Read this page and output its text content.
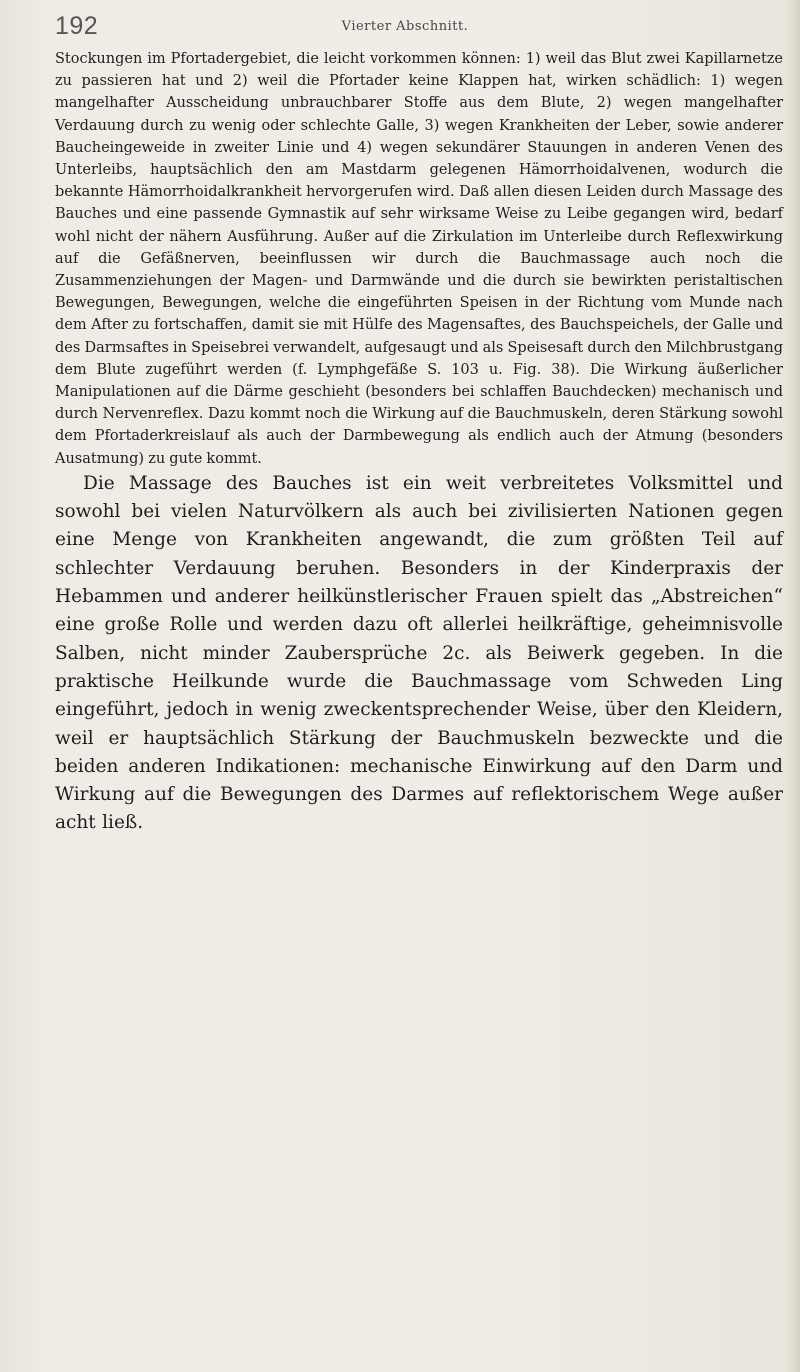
192	Vierter Abschnitt.

Stockungen im Pfortadergebiet, die leicht vorkommen können: 1) weil das Blut zwei Kapillarnetze zu passieren hat und 2) weil die Pfortader keine Klappen hat, wirken schädlich: 1) wegen mangelhafter Ausscheidung unbrauchbarer Stoffe aus dem Blute, 2) wegen mangelhafter Verdauung durch zu wenig oder schlechte Galle, 3) wegen Krankheiten der Leber, sowie anderer Baucheingeweide in zweiter Linie und 4) wegen sekundärer Stauungen in anderen Venen des Unterleibs, hauptsächlich den am Mastdarm gelegenen Hämorrhoidalvenen, wodurch die bekannte Hämorrhoidalkrankheit hervorgerufen wird. Daß allen diesen Leiden durch Massage des Bauches und eine passende Gymnastik auf sehr wirksame Weise zu Leibe gegangen wird, bedarf wohl nicht der nähern Ausführung. Außer auf die Zirkulation im Unterleibe durch Reflexwirkung auf die Gefäßnerven, beeinflussen wir durch die Bauchmassage auch noch die Zusammenziehungen der Magen- und Darmwände und die durch sie bewirkten peristaltischen Bewegungen, Bewegungen, welche die eingeführten Speisen in der Richtung vom Munde nach dem After zu fortschaffen, damit sie mit Hülfe des Magensaftes, des Bauchspeichels, der Galle und des Darmsaftes in Speisebrei verwandelt, aufgesaugt und als Speisesaft durch den Milchbrustgang dem Blute zugeführt werden (f. Lymphgefäße S. 103 u. Fig. 38). Die Wirkung äußerlicher Manipulationen auf die Därme geschieht (besonders bei schlaffen Bauchdecken) mechanisch und durch Nervenreflex. Dazu kommt noch die Wirkung auf die Bauchmuskeln, deren Stärkung sowohl dem Pfortaderkreislauf als auch der Darmbewegung als endlich auch der Atmung (besonders Ausatmung) zu gute kommt.

Die Massage des Bauches ist ein weit verbreitetes Volksmittel und sowohl bei vielen Naturvölkern als auch bei zivilisierten Nationen gegen eine Menge von Krankheiten angewandt, die zum größten Teil auf schlechter Verdauung beruhen. Besonders in der Kinderpraxis der Hebammen und anderer heilkünstlerischer Frauen spielt das „Abstreichen“ eine große Rolle und werden dazu oft allerlei heilkräftige, geheimnisvolle Salben, nicht minder Zaubersprüche 2c. als Beiwerk gegeben. In die praktische Heilkunde wurde die Bauchmassage vom Schweden Ling eingeführt, jedoch in wenig zweckentsprechender Weise, über den Kleidern, weil er hauptsächlich Stärkung der Bauchmuskeln bezweckte und die beiden anderen Indikationen: mechanische Einwirkung auf den Darm und Wirkung auf die Bewegungen des Darmes auf reflektorischem Wege außer acht ließ.
